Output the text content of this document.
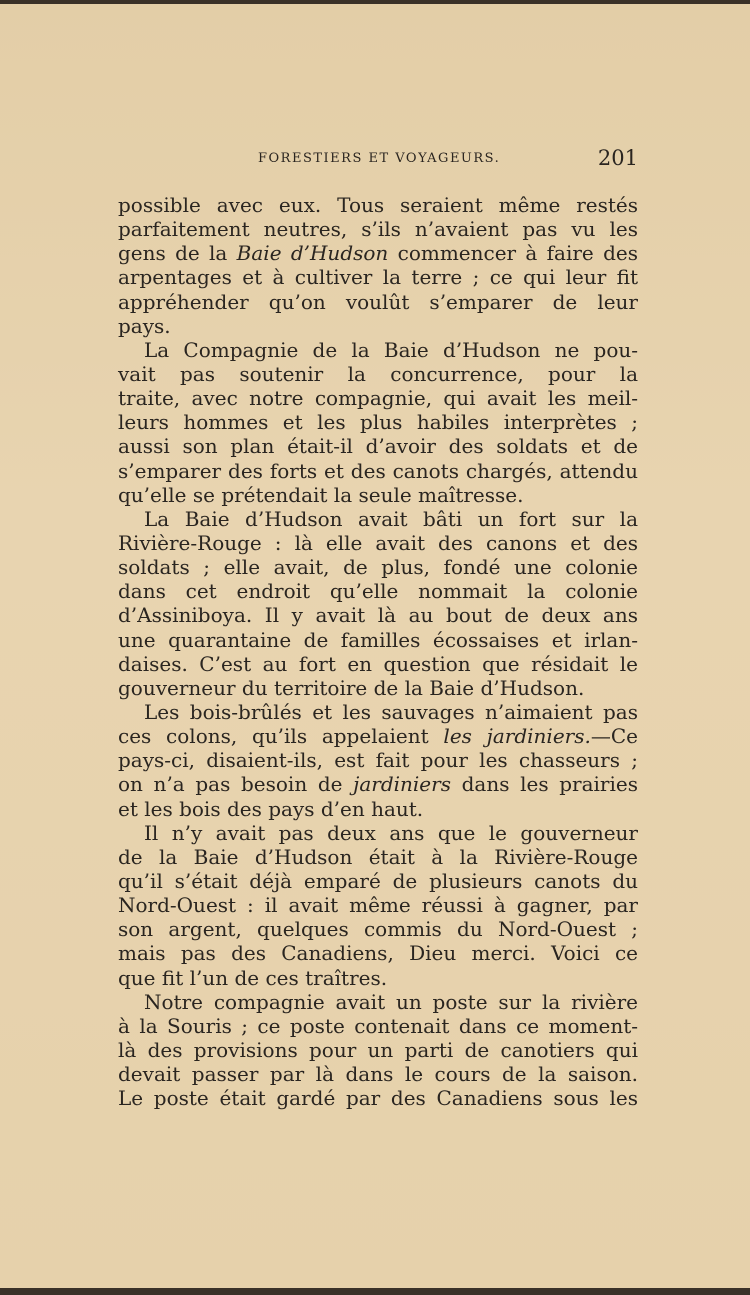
FORESTIERS ET VOYAGEURS.	201
possible avec eux. Tous seraient même restés
parfaitement neutres, s’ils n’avaient pas vu les
gens de la Baie d’Hudson commencer à faire des
arpentages et à cultiver la terre ; ce qui leur fit
appréhender qu’on voulût s’emparer de leur
pays.
La Compagnie de la Baie d’Hudson ne pou-
vait pas soutenir la concurrence, pour la
traite, avec notre compagnie, qui avait les meil-
leurs hommes et les plus habiles interprètes ;
aussi son plan était-il d’avoir des soldats et de
s’emparer des forts et des canots chargés, attendu
qu’elle se prétendait la seule maîtresse.
La Baie d’Hudson avait bâti un fort sur la
Rivière-Rouge : là elle avait des canons et des
soldats ; elle avait, de plus, fondé une colonie
dans cet endroit qu’elle nommait la colonie
d’Assiniboya. Il y avait là au bout de deux ans
une quarantaine de familles écossaises et irlan-
daises. C’est au fort en question que résidait le
gouverneur du territoire de la Baie d’Hudson.
Les bois-brûlés et les sauvages n’aimaient pas
ces colons, qu’ils appelaient les jardiniers.—Ce
pays-ci, disaient-ils, est fait pour les chasseurs ;
on n’a pas besoin de jardiniers dans les prairies
et les bois des pays d’en haut.
Il n’y avait pas deux ans que le gouverneur
de la Baie d’Hudson était à la Rivière-Rouge
qu’il s’était déjà emparé de plusieurs canots du
Nord-Ouest : il avait même réussi à gagner, par
son argent, quelques commis du Nord-Ouest ;
mais pas des Canadiens, Dieu merci. Voici ce
que fit l’un de ces traîtres.
Notre compagnie avait un poste sur la rivière
à la Souris ; ce poste contenait dans ce moment-
là des provisions pour un parti de canotiers qui
devait passer par là dans le cours de la saison.
Le poste était gardé par des Canadiens sous les
